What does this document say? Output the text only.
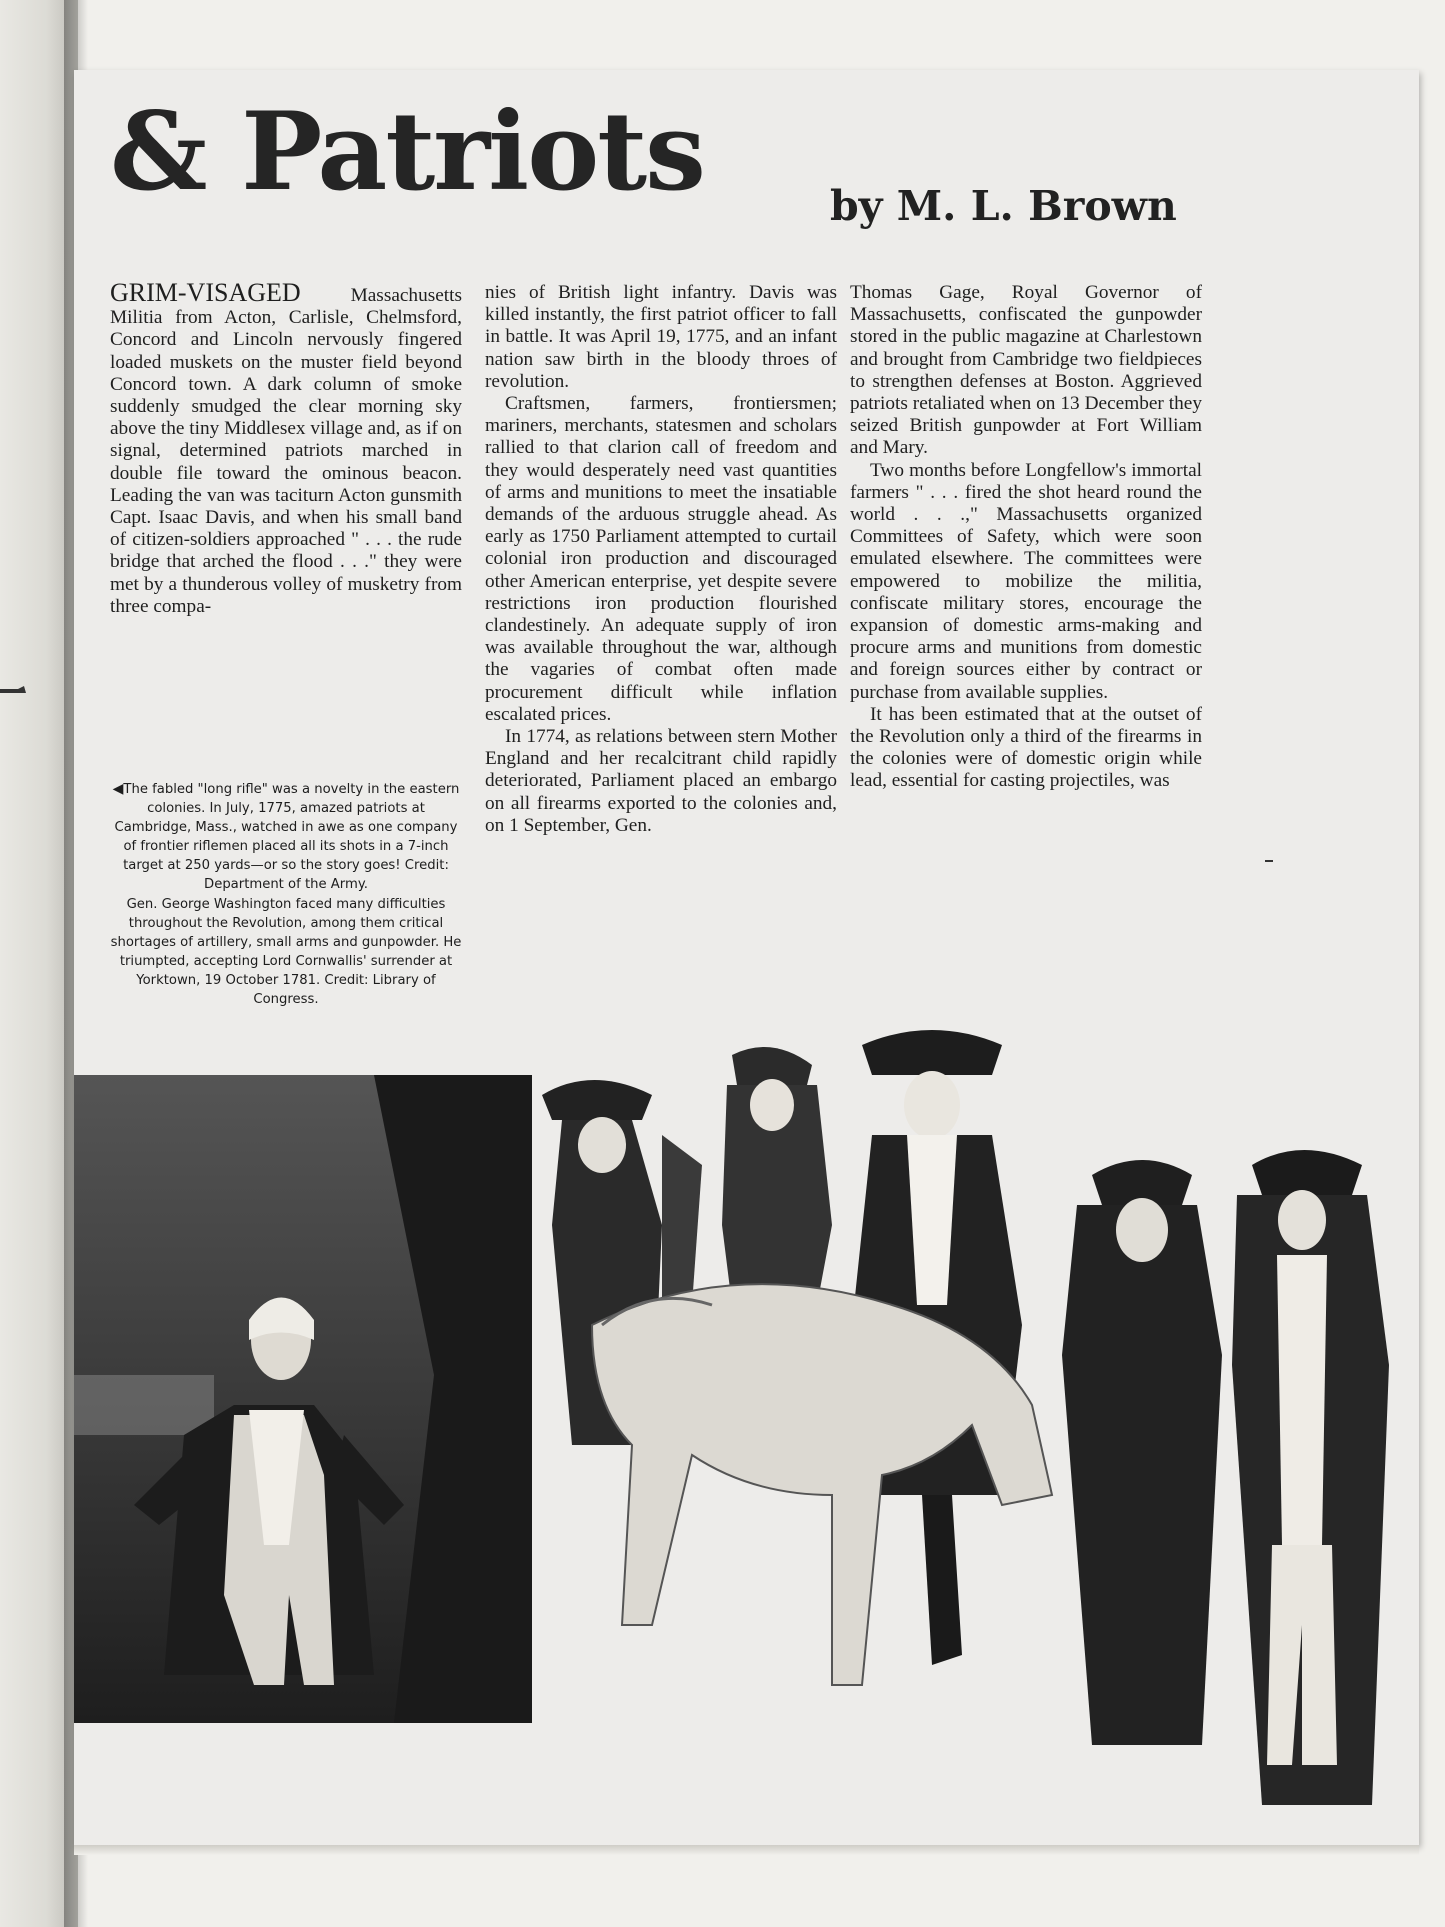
& Patriots	by M. L. Brown

GRIM-VISAGED	Massachusetts Militia from Acton, Carlisle, Chelmsford, Concord and Lincoln nervously fingered loaded muskets on the muster field beyond Concord town. A dark column of smoke suddenly smudged the clear morning sky above the tiny Middlesex village and, as if on signal, determined patriots marched in double file toward the ominous beacon. Leading the van was taciturn Acton gunsmith Capt. Isaac Davis, and when his small band of citizen-soldiers approached " . . . the rude bridge that arched the flood . . ." they were met by a thunderous volley of musketry from three compa-

nies of British light infantry. Davis was killed instantly, the first patriot officer to fall in battle. It was April 19, 1775, and an infant nation saw birth in the bloody throes of revolution.

Craftsmen, farmers, frontiersmen; mariners, merchants, statesmen and scholars rallied to that clarion call of freedom and they would desperately need vast quantities of arms and munitions to meet the insatiable demands of the arduous struggle ahead. As early as 1750 Parliament attempted to curtail colonial iron production and discouraged other American enterprise, yet despite severe restrictions iron production flourished clandestinely. An adequate supply of iron was available throughout the war, although the vagaries of combat often made procurement difficult while inflation escalated prices.

In 1774, as relations between stern Mother England and her recalcitrant child rapidly deteriorated, Parliament placed an embargo on all firearms exported to the colonies and, on 1 September, Gen.

Thomas Gage, Royal Governor of Massachusetts, confiscated the gunpowder stored in the public magazine at Charlestown and brought from Cambridge two fieldpieces to strengthen defenses at Boston. Aggrieved patriots retaliated when on 13 December they seized British gunpowder at Fort William and Mary.

Two months before Longfellow's immortal farmers " . . . fired the shot heard round the world . . .," Massachusetts organized Committees of Safety, which were soon emulated elsewhere. The committees were empowered to mobilize the militia, confiscate military stores, encourage the expansion of domestic arms-making and procure arms and munitions from domestic and foreign sources either by contract or purchase from available supplies.

It has been estimated that at the outset of the Revolution only a third of the firearms in the colonies were of domestic origin while lead, essential for casting projectiles, was

◀The fabled "long rifle" was a novelty in the eastern colonies. In July, 1775, amazed patriots at Cambridge, Mass., watched in awe as one company of frontier riflemen placed all its shots in a 7-inch target at 250 yards—or so the story goes! Credit: Department of the Army.

Gen. George Washington faced many difficulties throughout the Revolution, among them critical shortages of artillery, small arms and gunpowder. He triumpted, accepting Lord Cornwallis' surrender at Yorktown, 19 October 1781. Credit: Library of Congress.
